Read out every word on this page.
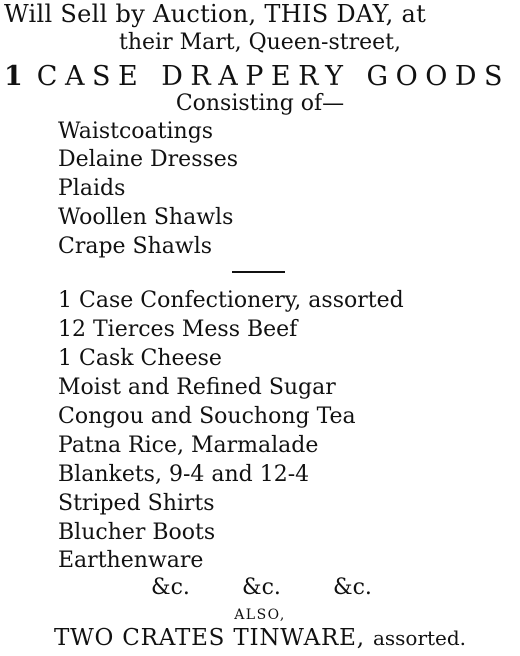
Will Sell by Auction, THIS DAY, at
their Mart, Queen-street,
1 CASE DRAPERY GOODS
Consisting of—
Waistcoatings
Delaine Dresses
Plaids
Woollen Shawls
Crape Shawls
1 Case Confectionery, assorted
12 Tierces Mess Beef
1 Cask Cheese
Moist and Refined Sugar
Congou and Souchong Tea
Patna Rice, Marmalade
Blankets, 9-4 and 12-4
Striped Shirts
Blucher Boots
Earthenware
&c. &c. &c.
ALSO,
TWO CRATES TINWARE, assorted.
